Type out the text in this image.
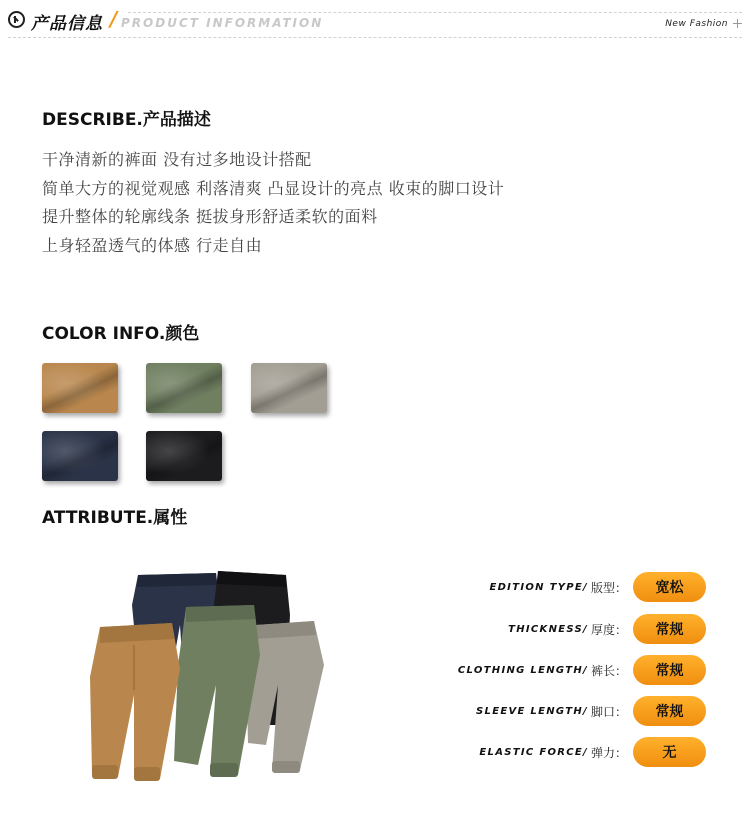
产品信息 / PRODUCT INFORMATION	New Fashion
DESCRIBE.产品描述
干净清新的裤面 没有过多地设计搭配
简单大方的视觉观感 利落清爽 凸显设计的亮点 收束的脚口设计
提升整体的轮廓线条 挺拔身形舒适柔软的面料
上身轻盈透气的体感 行走自由
COLOR INFO.颜色
ATTRIBUTE.属性
EDITION TYPE/ 版型：	宽松
THICKNESS/ 厚度：	常规
CLOTHING LENGTH/ 裤长：	常规
SLEEVE LENGTH/ 脚口：	常规
ELASTIC FORCE/ 弹力：	无
